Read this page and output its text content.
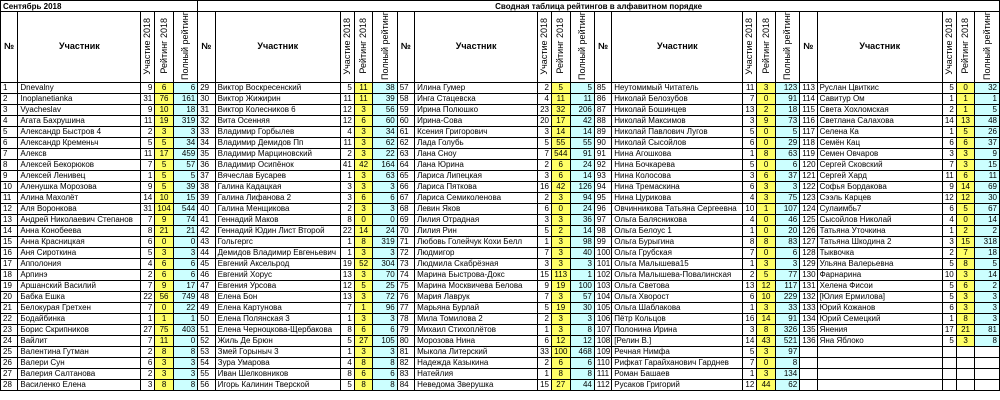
Сентябрь 2018					Сводная таблица рейтингов в алфавитном порядке																			
№	Участник	Участие 2018	Рейтинг 2018	Полный рейтинг	№	Участник	Участие 2018	Рейтинг 2018	Полный рейтинг	№	Участник	Участие 2018	Рейтинг 2018	Полный рейтинг	№	Участник	Участие 2018	Рейтинг 2018	Полный рейтинг	№	Участник	Участие 2018	Рейтинг 2018	Полный рейтинг
1	Dnevalny	9	6	6	29	Виктор Воскресенский	5	11	38	57	Илина Гумер	2	5	5	85	Неутомимый Читатель	11	3	123	113	Руслан Цвиткис	5	0	32
2	Inoplanetianka	31	76	161	30	Виктор Жижирин	11	11	39	58	Инга Стацевска	4	11	11	86	Николай Белозубов	7	0	91	114	Савитур Ом	1	1	1
3	Vyacheslav	9	10	18	31	Виктор Колесников 6	12	3	56	59	Ирина Полюшко	23	32	206	87	Николай Бошинцев	13	2	18	115	Света Хохломская	2	1	5
4	Агата Бахрушина	11	19	319	32	Вита Осенняя	12	6	60	60	Ирина-Сова	20	17	42	88	Николай Максимов	3	9	73	116	Светлана Салахова	14	13	48
5	Александр Быстров 4	2	3	3	33	Владимир Горбылев	4	3	34	61	Ксения Григорович	3	14	14	89	Николай Павлович Лугов	5	0	5	117	Селена Ка	1	5	26
6	Александр Кременьч	5	5	34	34	Владимир Демидов Пп	11	3	62	62	Лада Голубь	5	55	55	90	Николай Сысойлов	6	0	29	118	Семён Кац	6	6	37
7	Алексв	11	17	459	35	Владимир Марциновский	2	3	22	63	Лана Сноу	7	544	91	91	Нина Агошкова	1	8	63	119	Семен Овчаров	3	3	9
8	Алексей Бекорюков	7	5	57	36	Владимир Осипёнок	41	42	164	64	Лана Юрина	2	6	24	92	Нина Бочкарева	5	0	6	120	Сергей Сковский	7	3	15
9	Алексей Ленивец	1	5	5	37	Вячеслав Бусарев	1	3	63	65	Лариса Липецкая	3	6	14	93	Нина Колосова	3	6	37	121	Сергей Хард	11	6	11
10	Аленушка Морозова	9	5	39	38	Галина Кадацкая	3	3	3	66	Лариса Пяткова	16	42	126	94	Нина Тремаскина	6	3	3	122	Софья Бордакова	9	14	69
11	Алина Махолёт	14	10	15	39	Галина Лифанова 2	3	6	6	67	Лариса Семиколенова	2	3	94	95	Нина Цурикова	4	3	75	123	Сээль Карцев	12	12	30
12	Аля Воронкова	31	104	544	40	Галина Менщикова	2	3	3	68	Левин Яков	6	0	24	96	Овчинникова Татьяна Сергеевна	10	1	107	124	Сулаимбь7	6	5	67
13	Андрей Николаевич Степанов	7	9	74	41	Геннадий Маков	8	0	0	69	Лилия Отрадная	3	3	36	97	Ольга Балясникова	4	0	46	125	Сысойлов Николай	4	0	14
14	Анна Конобеева	8	21	21	42	Геннадий Юдин Лист Второй	22	14	24	70	Лилия Рин	5	2	14	98	Ольга Белоус 1	1	0	20	126	Татьяна Уточкина	1	2	2
15	Анна Красницкая	6	0	0	43	Гольгерrc	1	8	319	71	Любовь Голейчук Кохи Белл	1	3	98	99	Ольга Бурыгина	8	8	83	127	Татьяна Шкодина 2	3	15	318
16	Аня Сироткина	5	3	3	44	Демидов Владимир Евгеньевич	1	3	3	72	Людмигор	7	3	40	100	Ольга Грубская	7	0	6	128	Тыквочка	2	7	18
17	Апполония	4	6	6	45	Евгений Аксельрод	19	52	304	73	Людмила Скабрёзная	3	3	3	101	Ольга Малышева15	1	3	3	129	Ульяна Валерьевна	5	8	5
18	Арпинэ	2	6	6	46	Евгений Хорус	13	3	70	74	Марина Быстрова-Докс	15	113	1	102	Ольга Малышева-Повалинская	2	5	77	130	Фарнарина	10	3	14
19	Аршанский Василий	7	9	17	47	Евгения Урсова	12	5	25	75	Марина Москвичева Белова	9	19	100	103	Ольга Светова	13	12	117	131	Хелена Фисои	5	6	2
20	Бабка Ешка	22	56	749	48	Елена Бон	13	3	72	76	Мария Лаврук	7	3	57	104	Ольга Хворост	6	10	229	132	[Юлия Ермилова]	5	3	3
21	Белокурая Гретхен	7	0	22	49	Елена Картунова	7	1	96	77	Марьяна Бурлай	5	19	30	105	Ольга Шаблакова	1	3	33	133	Юрий Кожанов	6	3	3
22	Бодайбинка	1	1	1	50	Елена Полянская 3	1	3	3	78	Мила Томилова 2	2	3	3	106	Пётр Кольцов	16	14	91	134	Юрий Семецкий	1	8	3
23	Борис Скрипников	27	75	403	51	Елена Черноцкова-Щербакова	8	6	6	79	Михаил Стихоплётов	1	3	8	107	Полонина Ирина	3	8	326	135	Янения	17	21	81
24	Вайлит	7	11	0	52	Жиль Де Брюн	5	27	105	80	Морозова Нина	6	12	12	108	[Релин В.]	14	43	521	136	Яна Яблоко	5	3	8
25	Валентина Гутман	2	8	8	53	Змей Горыныч 3	1	3	3	81	Мыкола Литерский	33	100	468	109	Речная Нимфа	5	3	97					
26	Валери Сун	6	3	3	54	Зура Умарова	4	8	8	82	Надежда Казыкина	2	6	6	110	Рифкат Гарайханович Гарднев	7	0	8					
27	Валерия Салтанова	2	3	3	55	Иван Шелковников	8	6	6	83	Натейлия	1	8	8	111	Роман Башаев	1	3	134					
28	Василенко Елена	3	8	8	56	Игорь Калинин Тверской	5	8	8	84	Неведома Зверушка	15	27	44	112	Русаков Григорий	12	44	62					
